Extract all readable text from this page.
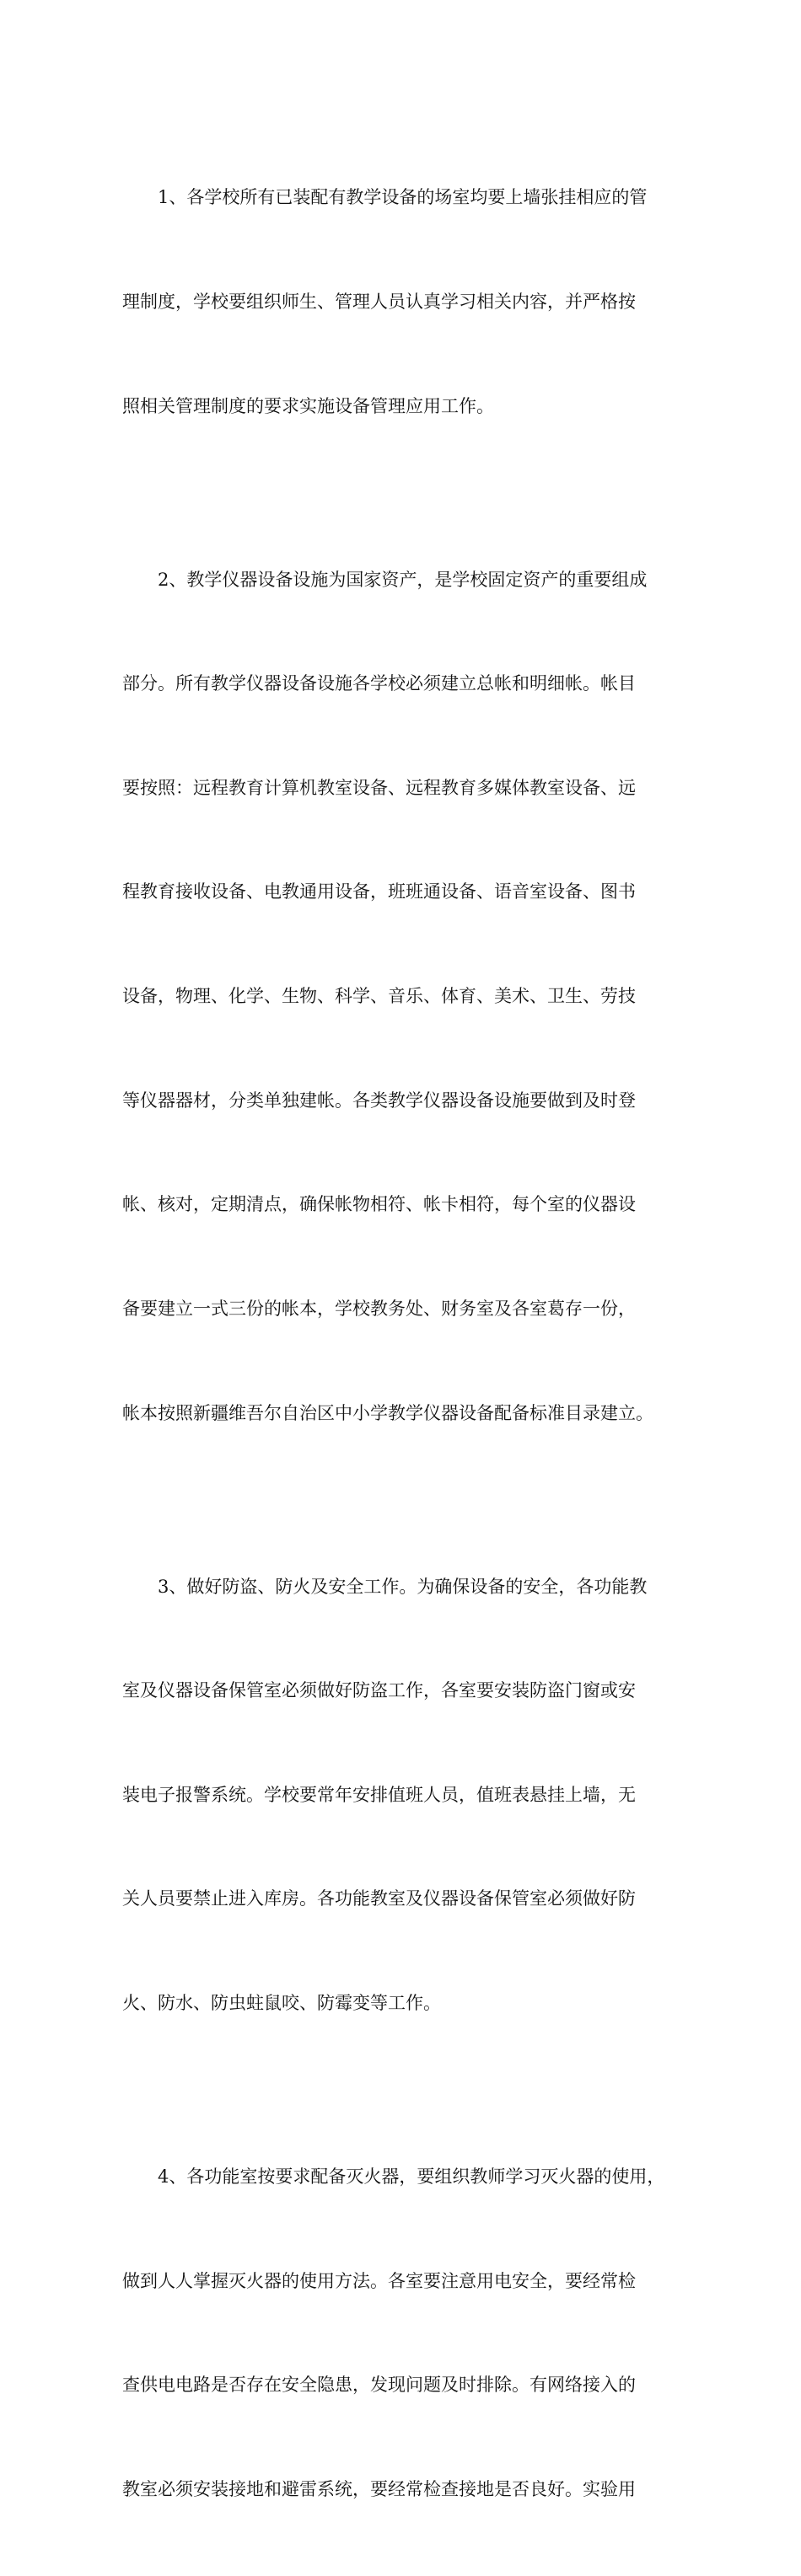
1、各学校所有已装配有教学设备的场室均要上墙张挂相应的管

理制度，学校要组织师生、管理人员认真学习相关内容，并严格按

照相关管理制度的要求实施设备管理应用工作。

2、教学仪器设备设施为国家资产，是学校固定资产的重要组成

部分。所有教学仪器设备设施各学校必须建立总帐和明细帐。帐目

要按照：远程教育计算机教室设备、远程教育多媒体教室设备、远

程教育接收设备、电教通用设备，班班通设备、语音室设备、图书

设备，物理、化学、生物、科学、音乐、体育、美术、卫生、劳技

等仪器器材，分类单独建帐。各类教学仪器设备设施要做到及时登

帐、核对，定期清点，确保帐物相符、帐卡相符，每个室的仪器设

备要建立一式三份的帐本，学校教务处、财务室及各室葛存一份，

帐本按照新疆维吾尔自治区中小学教学仪器设备配备标准目录建立。

3、做好防盗、防火及安全工作。为确保设备的安全，各功能教

室及仪器设备保管室必须做好防盗工作，各室要安装防盗门窗或安

装电子报警系统。学校要常年安排值班人员，值班表悬挂上墙，无

关人员要禁止进入库房。各功能教室及仪器设备保管室必须做好防

火、防水、防虫蛀鼠咬、防霉变等工作。

4、各功能室按要求配备灭火器，要组织教师学习灭火器的使用，

做到人人掌握灭火器的使用方法。各室要注意用电安全，要经常检

查供电电路是否存在安全隐患，发现问题及时排除。有网络接入的

教室必须安装接地和避雷系统，要经常检查接地是否良好。实验用
